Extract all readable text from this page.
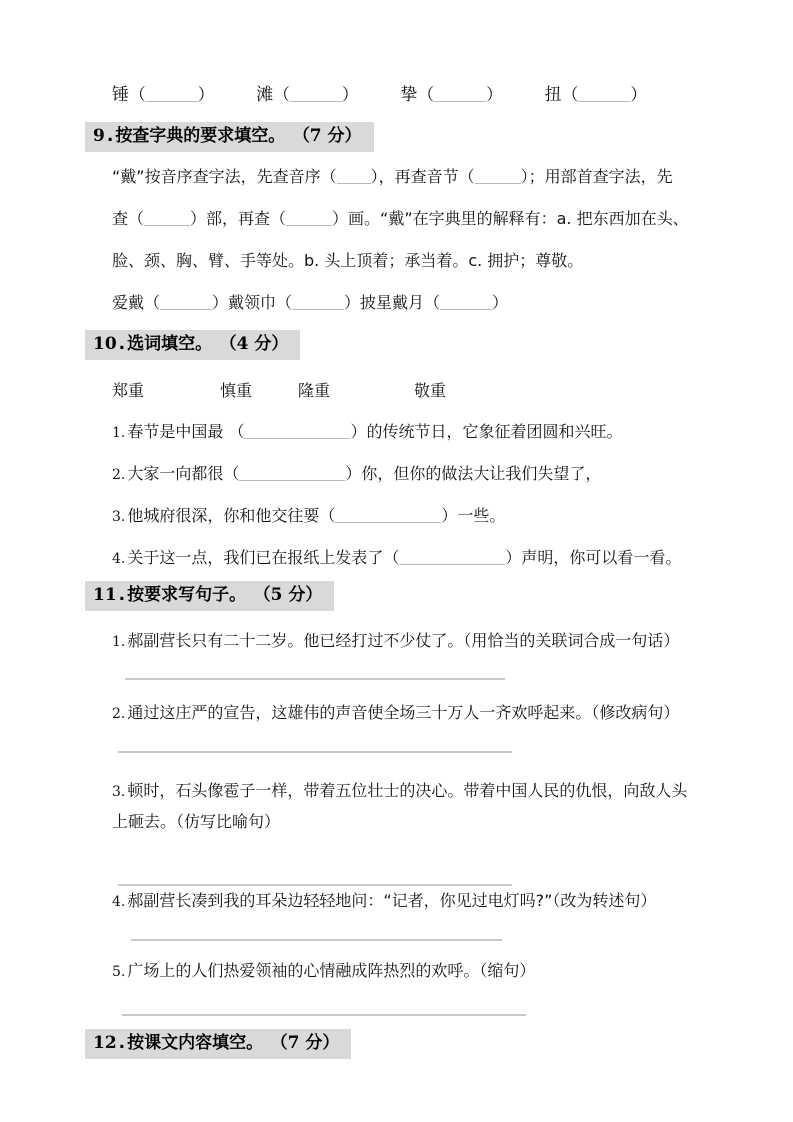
锤（	） 滩（	） 挚（	） 扭（	）
9 . 按查字典的要求填空。 （7 分）
“戴”按音序查字法，先查音序（ ），再查音节（	）；用部首查字法，先
查（	）部，再查（	）画。“戴”在字典里的解释有：a. 把东西加在头、
脸、颈、胸、臂、手等处。b. 头上顶着；承当着。c. 拥护；尊敬。
爱戴（	）戴领巾（	）披星戴月（	）
10 . 选词填空。 （4 分）
郑重	慎重	隆重	敬重
1. 春节是中国最 （	）的传统节日，它象征着团圆和兴旺。
2. 大家一向都很（	）你，但你的做法大让我们失望了，
3. 他城府很深，你和他交往要（	）一些。
4. 关于这一点，我们已在报纸上发表了（	）声明，你可以看一看。
11 . 按要求写句子。 （5 分）
1. 郝副营长只有二十二岁。他已经打过不少仗了。（用恰当的关联词合成一句话）
2. 通过这庄严的宣告，这雄伟的声音使全场三十万人一齐欢呼起来。（修改病句）
3. 顿时，石头像雹子一样，带着五位壮士的决心。带着中国人民的仇恨，向敌人头上砸去。（仿写比喻句）
4. 郝副营长凑到我的耳朵边轻轻地问：“记者，你见过电灯吗?”（改为转述句）
5. 广场上的人们热爱领袖的心情融成阵热烈的欢呼。（缩句）
12 . 按课文内容填空。 （7 分）
